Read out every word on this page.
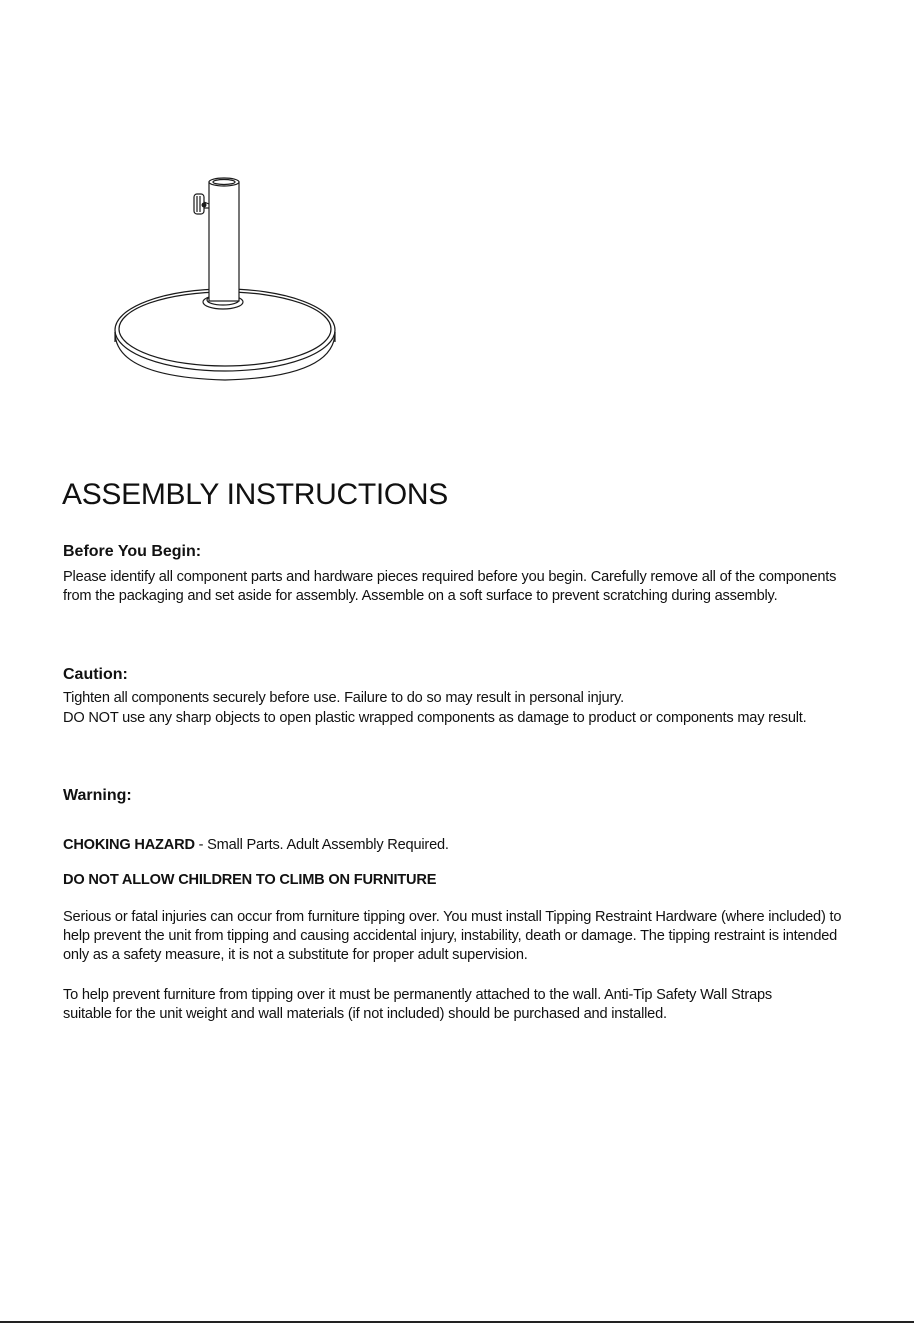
ASSEMBLY INSTRUCTIONS
Before You Begin:

Please identify all component parts and hardware pieces required before you begin. Carefully remove all of the components from the packaging and set aside for assembly. Assemble on a soft surface to prevent scratching during assembly.

Caution:

Tighten all components securely before use. Failure to do so may result in personal injury.

DO NOT use any sharp objects to open plastic wrapped components as damage to product or components may result.

Warning:
CHOKING HAZARD - Small Parts. Adult Assembly Required.
DO NOT ALLOW CHILDREN TO CLIMB ON FURNITURE
Serious or fatal injuries can occur from furniture tipping over. You must install Tipping Restraint Hardware (where included) to help prevent the unit from tipping and causing accidental injury, instability, death or damage. The tipping restraint is intended only as a safety measure, it is not a substitute for proper adult supervision.
To help prevent furniture from tipping over it must be permanently attached to the wall. Anti-Tip Safety Wall Straps suitable for the unit weight and wall materials (if not included) should be purchased and installed.
